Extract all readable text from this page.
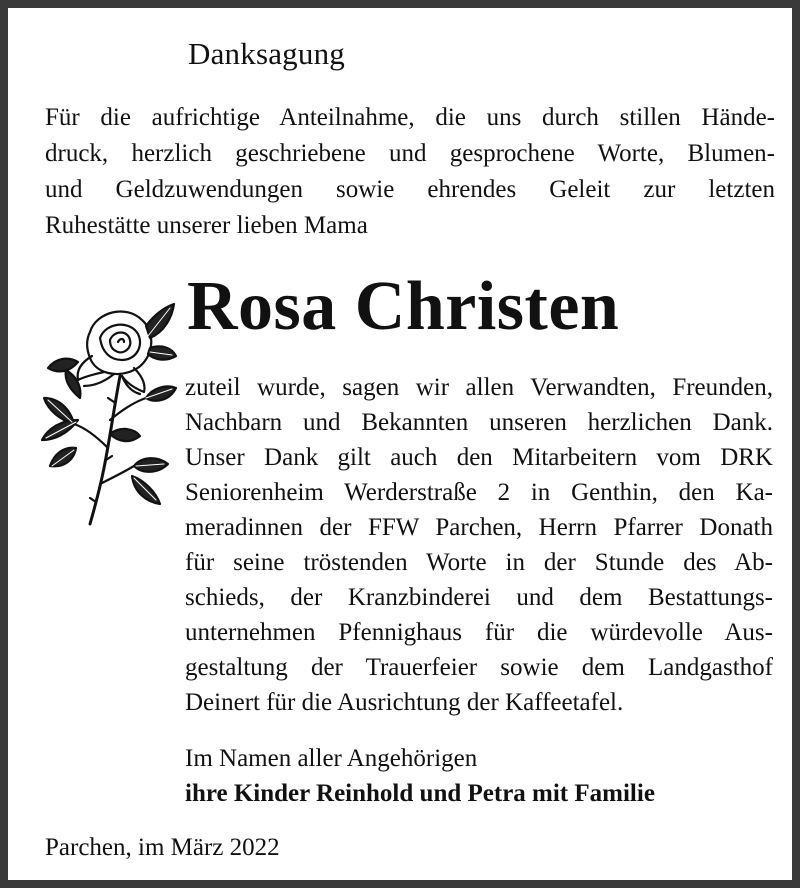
Danksagung
Für die aufrichtige Anteilnahme, die uns durch stillen Hände-
druck, herzlich geschriebene und gesprochene Worte, Blumen-
und Geldzuwendungen sowie ehrendes Geleit zur letzten
Ruhestätte unserer lieben Mama
Rosa Christen
zuteil wurde, sagen wir allen Verwandten, Freunden,
Nachbarn und Bekannten unseren herzlichen Dank.
Unser Dank gilt auch den Mitarbeitern vom DRK
Seniorenheim Werderstraße 2 in Genthin, den Ka-
meradinnen der FFW Parchen, Herrn Pfarrer Donath
für seine tröstenden Worte in der Stunde des Ab-
schieds, der Kranzbinderei und dem Bestattungs-
unternehmen Pfennighaus für die würdevolle Aus-
gestaltung der Trauerfeier sowie dem Landgasthof
Deinert für die Ausrichtung der Kaffeetafel.
Im Namen aller Angehörigen
ihre Kinder Reinhold und Petra mit Familie
Parchen, im März 2022
